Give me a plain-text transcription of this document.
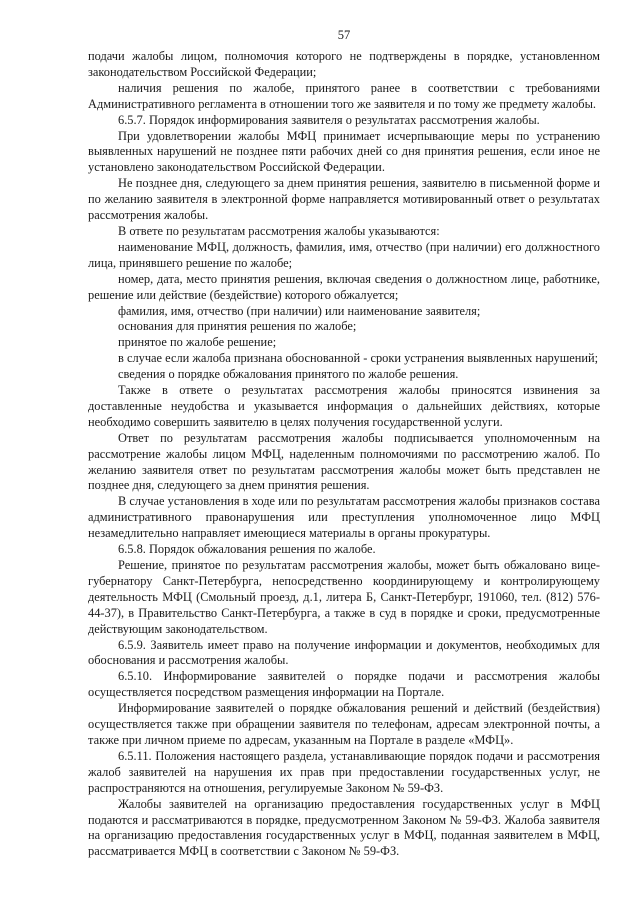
57

подачи жалобы лицом, полномочия которого не подтверждены в порядке, установленном законодательством Российской Федерации;

наличия решения по жалобе, принятого ранее в соответствии с требованиями Административного регламента в отношении того же заявителя и по тому же предмету жалобы.

6.5.7. Порядок информирования заявителя о результатах рассмотрения жалобы.

При удовлетворении жалобы МФЦ принимает исчерпывающие меры по устранению выявленных нарушений не позднее пяти рабочих дней со дня принятия решения, если иное не установлено законодательством Российской Федерации.

Не позднее дня, следующего за днем принятия решения, заявителю в письменной форме и по желанию заявителя в электронной форме направляется мотивированный ответ о результатах рассмотрения жалобы.

В ответе по результатам рассмотрения жалобы указываются:

наименование МФЦ, должность, фамилия, имя, отчество (при наличии) его должностного лица, принявшего решение по жалобе;

номер, дата, место принятия решения, включая сведения о должностном лице, работнике, решение или действие (бездействие) которого обжалуется;

фамилия, имя, отчество (при наличии) или наименование заявителя;

основания для принятия решения по жалобе;

принятое по жалобе решение;

в случае если жалоба признана обоснованной - сроки устранения выявленных нарушений;

сведения о порядке обжалования принятого по жалобе решения.

Также в ответе о результатах рассмотрения жалобы приносятся извинения за доставленные неудобства и указывается информация о дальнейших действиях, которые необходимо совершить заявителю в целях получения государственной услуги.

Ответ по результатам рассмотрения жалобы подписывается уполномоченным на рассмотрение жалобы лицом МФЦ, наделенным полномочиями по рассмотрению жалоб. По желанию заявителя ответ по результатам рассмотрения жалобы может быть представлен не позднее дня, следующего за днем принятия решения.

В случае установления в ходе или по результатам рассмотрения жалобы признаков состава административного правонарушения или преступления уполномоченное лицо МФЦ незамедлительно направляет имеющиеся материалы в органы прокуратуры.

6.5.8. Порядок обжалования решения по жалобе.

Решение, принятое по результатам рассмотрения жалобы, может быть обжаловано вице-губернатору Санкт-Петербурга, непосредственно координирующему и контролирующему деятельность МФЦ (Смольный проезд, д.1, литера Б, Санкт-Петербург, 191060, тел. (812) 576-44-37), в Правительство Санкт-Петербурга, а также в суд в порядке и сроки, предусмотренные действующим законодательством.

6.5.9. Заявитель имеет право на получение информации и документов, необходимых для обоснования и рассмотрения жалобы.

6.5.10. Информирование заявителей о порядке подачи и рассмотрения жалобы осуществляется посредством размещения информации на Портале.

Информирование заявителей о порядке обжалования решений и действий (бездействия) осуществляется также при обращении заявителя по телефонам, адресам электронной почты, а также при личном приеме по адресам, указанным на Портале в разделе «МФЦ».

6.5.11. Положения настоящего раздела, устанавливающие порядок подачи и рассмотрения жалоб заявителей на нарушения их прав при предоставлении государственных услуг, не распространяются на отношения, регулируемые Законом № 59-ФЗ.

Жалобы заявителей на организацию предоставления государственных услуг в МФЦ подаются и рассматриваются в порядке, предусмотренном Законом № 59-ФЗ. Жалоба заявителя на организацию предоставления государственных услуг в МФЦ, поданная заявителем в МФЦ, рассматривается МФЦ в соответствии с Законом № 59-ФЗ.
